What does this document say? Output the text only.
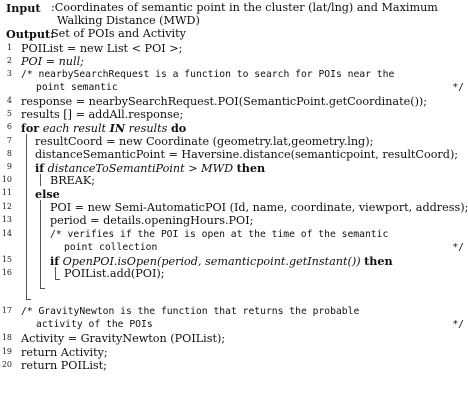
Input :Coordinates of semantic point in the cluster (lat/lng) and Maximum
Walking Distance (MWD)
Output:
Set of POIs and Activity
1
2
3
4
5
6
7
8
9
10
11
12
13
14
15
16
17
18
19
20
POIList = new List < POI >;
POI = null;
/* nearbySearchRequest is a function to search for POIs near the
point semantic	*/
response = nearbySearchRequest.POI(SemanticPoint.getCoordinate());
results [] = addAll.response;
for each result IN results do
resultCoord = new Coordinate (geometry.lat,geometry.lng);
distanceSemanticPoint = Haversine.distance(semanticpoint, resultCoord);
if distanceToSemantiPoint > MWD then
BREAK;
else
POI = new Semi-AutomaticPOI (Id, name, coordinate, viewport, address);
period = details.openingHours.POI;
/* verifies if the POI is open at the time of the semantic
point collection	*/
if OpenPOI.isOpen(period, semanticpoint.getInstant()) then
POIList.add(POI);
/* GravityNewton is the function that returns the probable
activity of the POIs	*/
Activity = GravityNewton (POIList);
return Activity;
return POIList;
